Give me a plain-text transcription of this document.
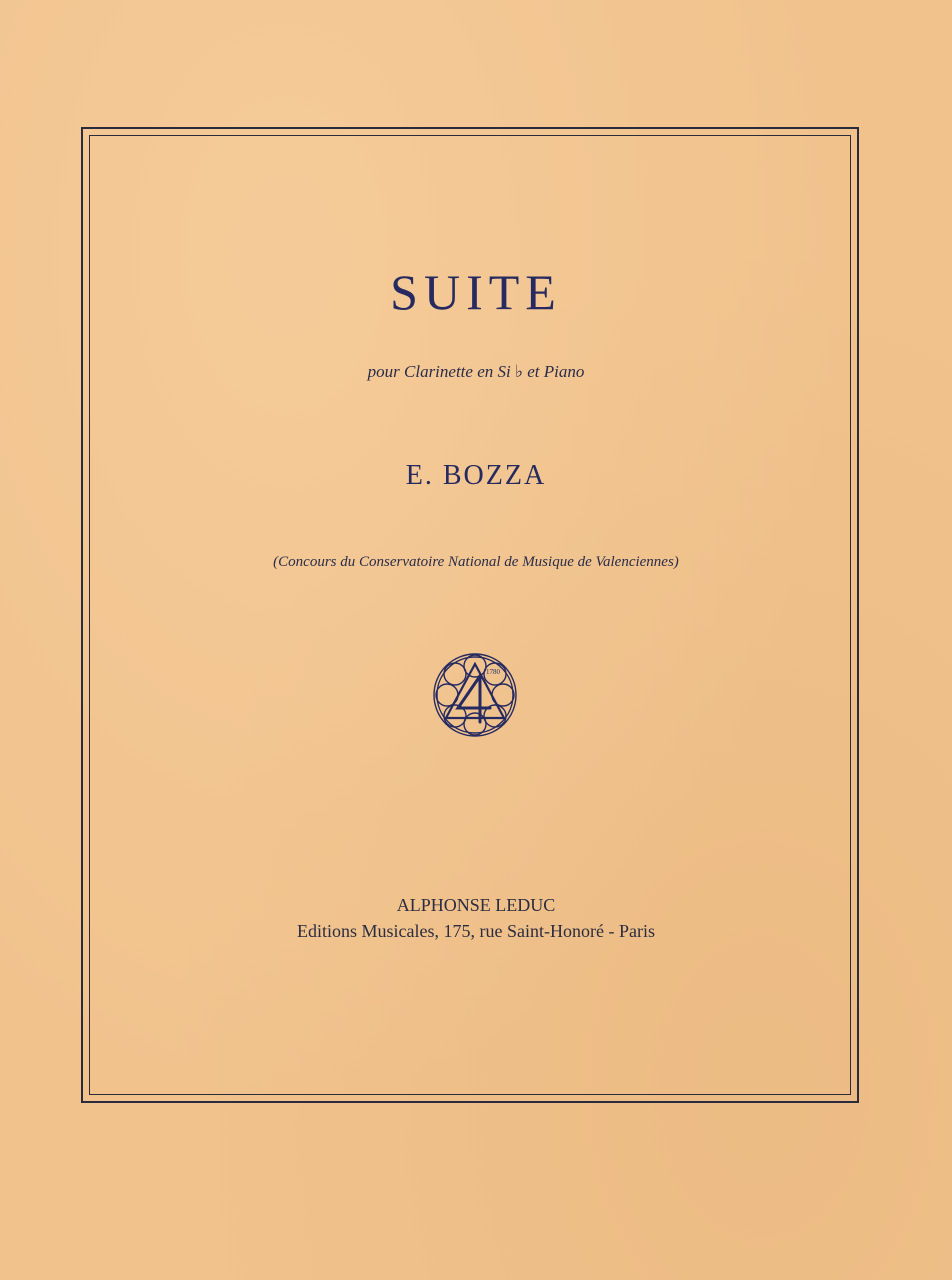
SUITE
pour Clarinette en Si ♭ et Piano
E. BOZZA
(Concours du Conservatoire National de Musique de Valenciennes)
1780
ALPHONSE LEDUC
Editions Musicales, 175, rue Saint-Honoré - Paris
